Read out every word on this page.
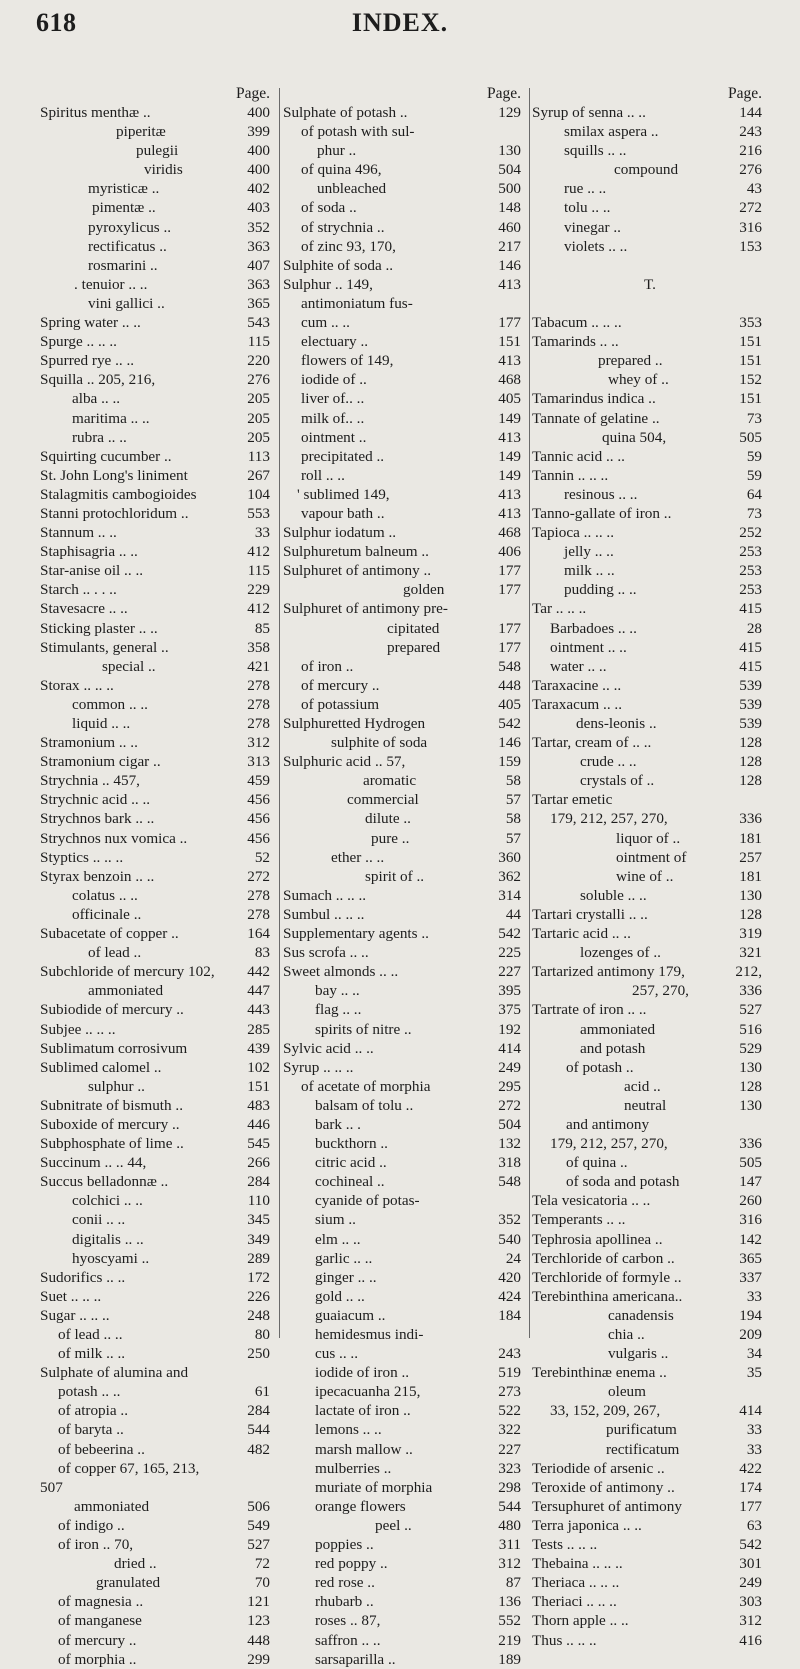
618	INDEX.
Page.
Spiritus menthæ ..	400
piperitæ	399
pulegii	400
viridis	400
myristicæ ..	402
pimentæ ..	403
pyroxylicus ..	352
rectificatus ..	363
rosmarini ..	407
. tenuior .. ..	363
vini gallici ..	365
Spring water .. ..	543
Spurge .. .. ..	115
Spurred rye .. ..	220
Squilla .. 205, 216,	276
alba .. ..	205
maritima .. ..	205
rubra .. ..	205
Squirting cucumber ..	113
St. John Long's liniment	267
Stalagmitis cambogioides	104
Stanni protochloridum ..	553
Stannum .. ..	33
Staphisagria .. ..	412
Star-anise oil .. ..	115
Starch .. . . ..	229
Stavesacre .. ..	412
Sticking plaster .. ..	85
Stimulants, general ..	358
special ..	421
Storax .. .. ..	278
common .. ..	278
liquid .. ..	278
Stramonium .. ..	312
Stramonium cigar ..	313
Strychnia .. 457,	459
Strychnic acid .. ..	456
Strychnos bark .. ..	456
Strychnos nux vomica ..	456
Styptics .. .. ..	52
Styrax benzoin .. ..	272
colatus .. ..	278
officinale ..	278
Subacetate of copper ..	164
of lead ..	83
Subchloride of mercury 102, 442
ammoniated	447
Subiodide of mercury ..	443
Subjee .. .. ..	285
Sublimatum corrosivum	439
Sublimed calomel ..	102
sulphur ..	151
Subnitrate of bismuth ..	483
Suboxide of mercury ..	446
Subphosphate of lime ..	545
Succinum .. .. 44,	266
Succus belladonnæ ..	284
colchici .. ..	110
conii .. ..	345
digitalis .. ..	349
hyoscyami ..	289
Sudorifics .. ..	172
Suet .. .. ..	226
Sugar .. .. ..	248
of lead .. ..	80
of milk .. ..	250
Sulphate of alumina and
potash .. ..	61
of atropia ..	284
of baryta ..	544
of bebeerina ..	482
of copper 67, 165, 213,
507
ammoniated	506
of indigo ..	549
of iron .. 70,	527
dried ..	72
granulated	70
of magnesia ..	121
of manganese	123
of mercury ..	448
of morphia ..	299
Page.
Sulphate of potash ..	129
of potash with sul-
phur ..	130
of quina 496,	504
unbleached	500
of soda ..	148
of strychnia ..	460
of zinc 93, 170,	217
Sulphite of soda ..	146
Sulphur .. 149,	413
antimoniatum fus-
cum .. ..	177
electuary ..	151
flowers of 149,	413
iodide of ..	468
liver of.. ..	405
milk of.. ..	149
ointment ..	413
precipitated ..	149
roll .. ..	149
' sublimed 149,	413
vapour bath ..	413
Sulphur iodatum ..	468
Sulphuretum balneum ..	406
Sulphuret of antimony ..	177
golden	177
Sulphuret of antimony pre-
cipitated	177
prepared	177
of iron ..	548
of mercury ..	448
of potassium	405
Sulphuretted Hydrogen	542
sulphite of soda	146
Sulphuric acid .. 57,	159
aromatic	58
commercial	57
dilute ..	58
pure ..	57
ether .. ..	360
spirit of ..	362
Sumach .. .. ..	314
Sumbul .. .. ..	44
Supplementary agents ..	542
Sus scrofa .. ..	225
Sweet almonds .. ..	227
bay .. ..	395
flag .. ..	375
spirits of nitre ..	192
Sylvic acid .. ..	414
Syrup .. .. ..	249
of acetate of morphia	295
balsam of tolu ..	272
bark .. .	504
buckthorn ..	132
citric acid ..	318
cochineal ..	548
cyanide of potas-
sium ..	352
elm .. ..	540
garlic .. ..	24
ginger .. ..	420
gold .. ..	424
guaiacum ..	184
hemidesmus indi-
cus .. ..	243
iodide of iron ..	519
ipecacuanha 215,	273
lactate of iron ..	522
lemons .. ..	322
marsh mallow ..	227
mulberries ..	323
muriate of morphia	298
orange flowers	544
peel ..	480
poppies ..	311
red poppy ..	312
red rose ..	87
rhubarb ..	136
roses .. 87,	552
saffron .. ..	219
sarsaparilla ..	189
Page.
Syrup of senna .. ..	144
smilax aspera ..	243
squills .. ..	216
compound	276
rue .. ..	43
tolu .. ..	272
vinegar ..	316
violets .. ..	153
T.
Tabacum .. .. ..	353
Tamarinds .. ..	151
prepared ..	151
whey of ..	152
Tamarindus indica ..	151
Tannate of gelatine ..	73
quina 504,	505
Tannic acid .. ..	59
Tannin .. .. ..	59
resinous .. ..	64
Tanno-gallate of iron ..	73
Tapioca .. .. ..	252
jelly .. ..	253
milk .. ..	253
pudding .. ..	253
Tar .. .. ..	415
Barbadoes .. ..	28
ointment .. ..	415
water .. ..	415
Taraxacine .. ..	539
Taraxacum .. ..	539
dens-leonis ..	539
Tartar, cream of .. ..	128
crude .. ..	128
crystals of ..	128
Tartar emetic
179, 212, 257, 270,	336
liquor of ..	181
ointment of	257
wine of ..	181
soluble .. ..	130
Tartari crystalli .. ..	128
Tartaric acid .. ..	319
lozenges of ..	321
Tartarized antimony 179,	212,
257, 270,	336
Tartrate of iron .. ..	527
ammoniated	516
and potash	529
of potash ..	130
acid ..	128
neutral	130
and antimony
179, 212, 257, 270,	336
of quina ..	505
of soda and potash	147
Tela vesicatoria .. ..	260
Temperants .. ..	316
Tephrosia apollinea ..	142
Terchloride of carbon ..	365
Terchloride of formyle ..	337
Terebinthina americana..	33
canadensis	194
chia ..	209
vulgaris ..	34
Terebinthinæ enema ..	35
oleum
33, 152, 209, 267,	414
purificatum	33
rectificatum	33
Teriodide of arsenic ..	422
Teroxide of antimony ..	174
Tersuphuret of antimony	177
Terra japonica .. ..	63
Tests .. .. ..	542
Thebaina .. .. ..	301
Theriaca .. .. ..	249
Theriaci .. .. ..	303
Thorn apple .. ..	312
Thus .. .. ..	416
